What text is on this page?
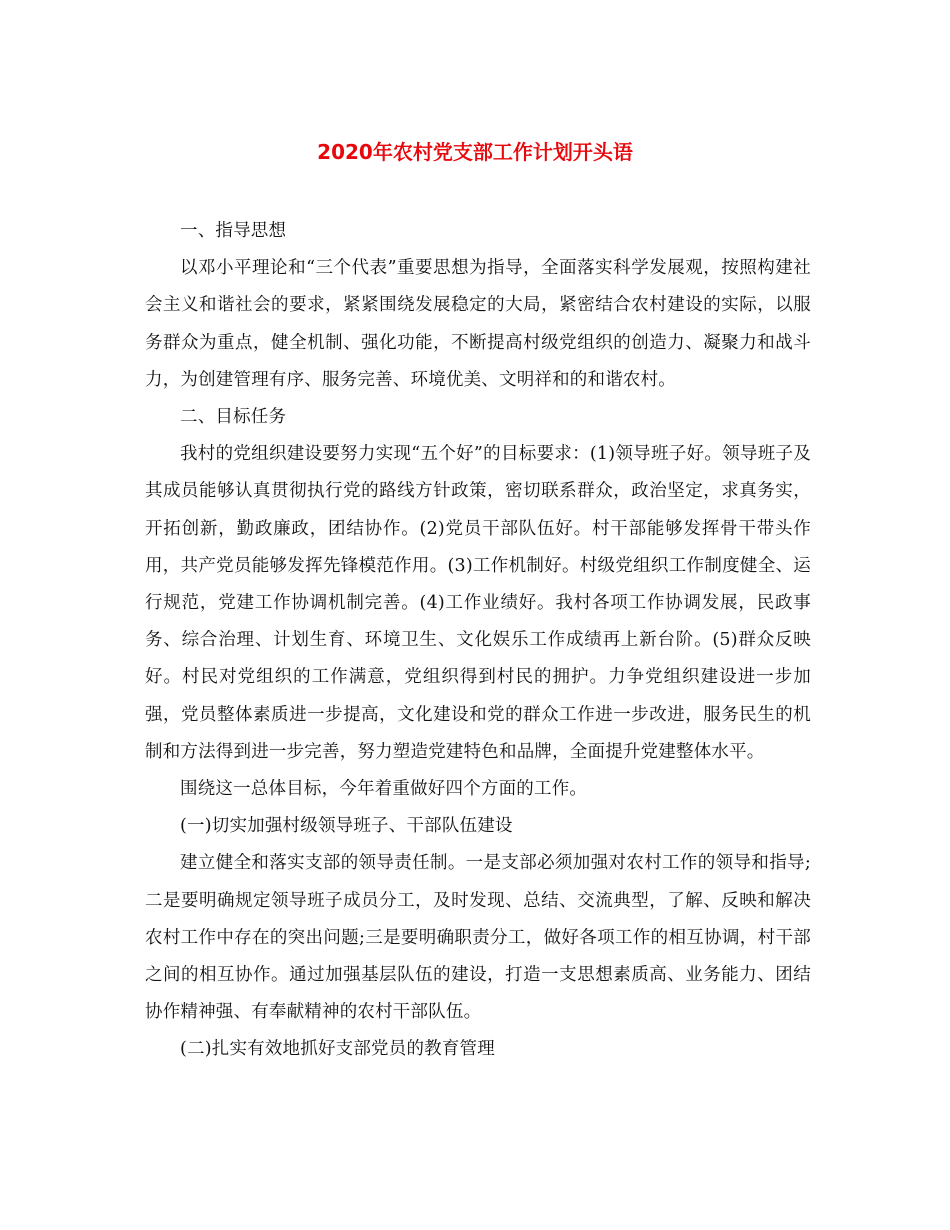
2020年农村党支部工作计划开头语

一、指导思想

以邓小平理论和“三个代表”重要思想为指导，全面落实科学发展观，按照构建社会主义和谐社会的要求，紧紧围绕发展稳定的大局，紧密结合农村建设的实际，以服务群众为重点，健全机制、强化功能，不断提高村级党组织的创造力、凝聚力和战斗力，为创建管理有序、服务完善、环境优美、文明祥和的和谐农村。

二、目标任务

我村的党组织建设要努力实现“五个好”的目标要求：(1)领导班子好。领导班子及其成员能够认真贯彻执行党的路线方针政策，密切联系群众，政治坚定，求真务实，开拓创新，勤政廉政，团结协作。(2)党员干部队伍好。村干部能够发挥骨干带头作用，共产党员能够发挥先锋模范作用。(3)工作机制好。村级党组织工作制度健全、运行规范，党建工作协调机制完善。(4)工作业绩好。我村各项工作协调发展，民政事务、综合治理、计划生育、环境卫生、文化娱乐工作成绩再上新台阶。(5)群众反映好。村民对党组织的工作满意，党组织得到村民的拥护。力争党组织建设进一步加强，党员整体素质进一步提高，文化建设和党的群众工作进一步改进，服务民生的机制和方法得到进一步完善，努力塑造党建特色和品牌，全面提升党建整体水平。

围绕这一总体目标，今年着重做好四个方面的工作。

(一)切实加强村级领导班子、干部队伍建设

建立健全和落实支部的领导责任制。一是支部必须加强对农村工作的领导和指导;二是要明确规定领导班子成员分工，及时发现、总结、交流典型，了解、反映和解决农村工作中存在的突出问题;三是要明确职责分工，做好各项工作的相互协调，村干部之间的相互协作。通过加强基层队伍的建设，打造一支思想素质高、业务能力、团结协作精神强、有奉献精神的农村干部队伍。

(二)扎实有效地抓好支部党员的教育管理
